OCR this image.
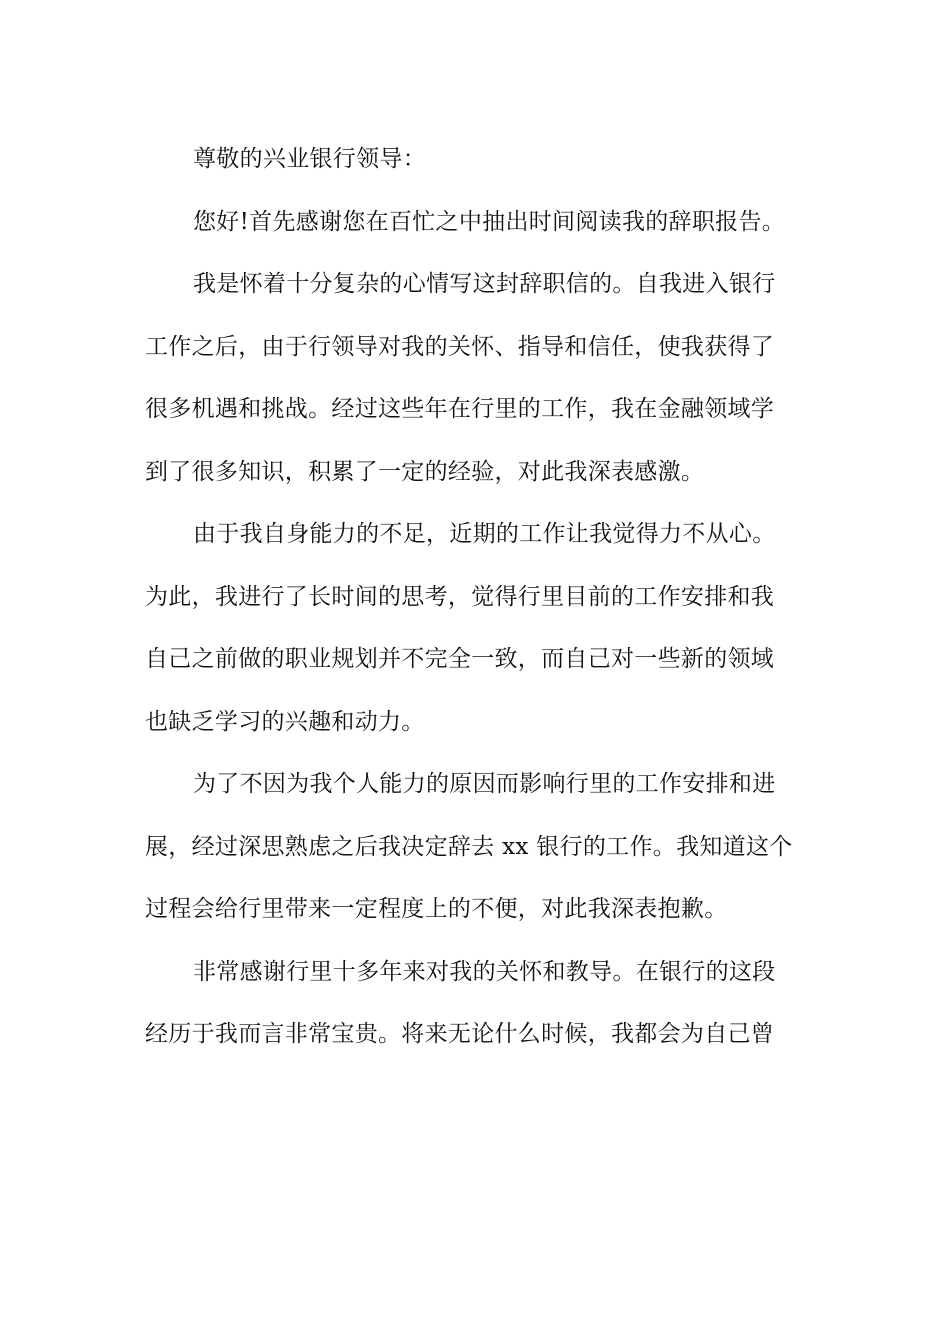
尊敬的兴业银行领导：
您好!首先感谢您在百忙之中抽出时间阅读我的辞职报告。
我是怀着十分复杂的心情写这封辞职信的。自我进入银行
工作之后，由于行领导对我的关怀、指导和信任，使我获得了
很多机遇和挑战。经过这些年在行里的工作，我在金融领域学
到了很多知识，积累了一定的经验，对此我深表感激。
由于我自身能力的不足，近期的工作让我觉得力不从心。
为此，我进行了长时间的思考，觉得行里目前的工作安排和我
自己之前做的职业规划并不完全一致，而自己对一些新的领域
也缺乏学习的兴趣和动力。
为了不因为我个人能力的原因而影响行里的工作安排和进
展，经过深思熟虑之后我决定辞去 xx 银行的工作。我知道这个
过程会给行里带来一定程度上的不便，对此我深表抱歉。
非常感谢行里十多年来对我的关怀和教导。在银行的这段
经历于我而言非常宝贵。将来无论什么时候，我都会为自己曾
